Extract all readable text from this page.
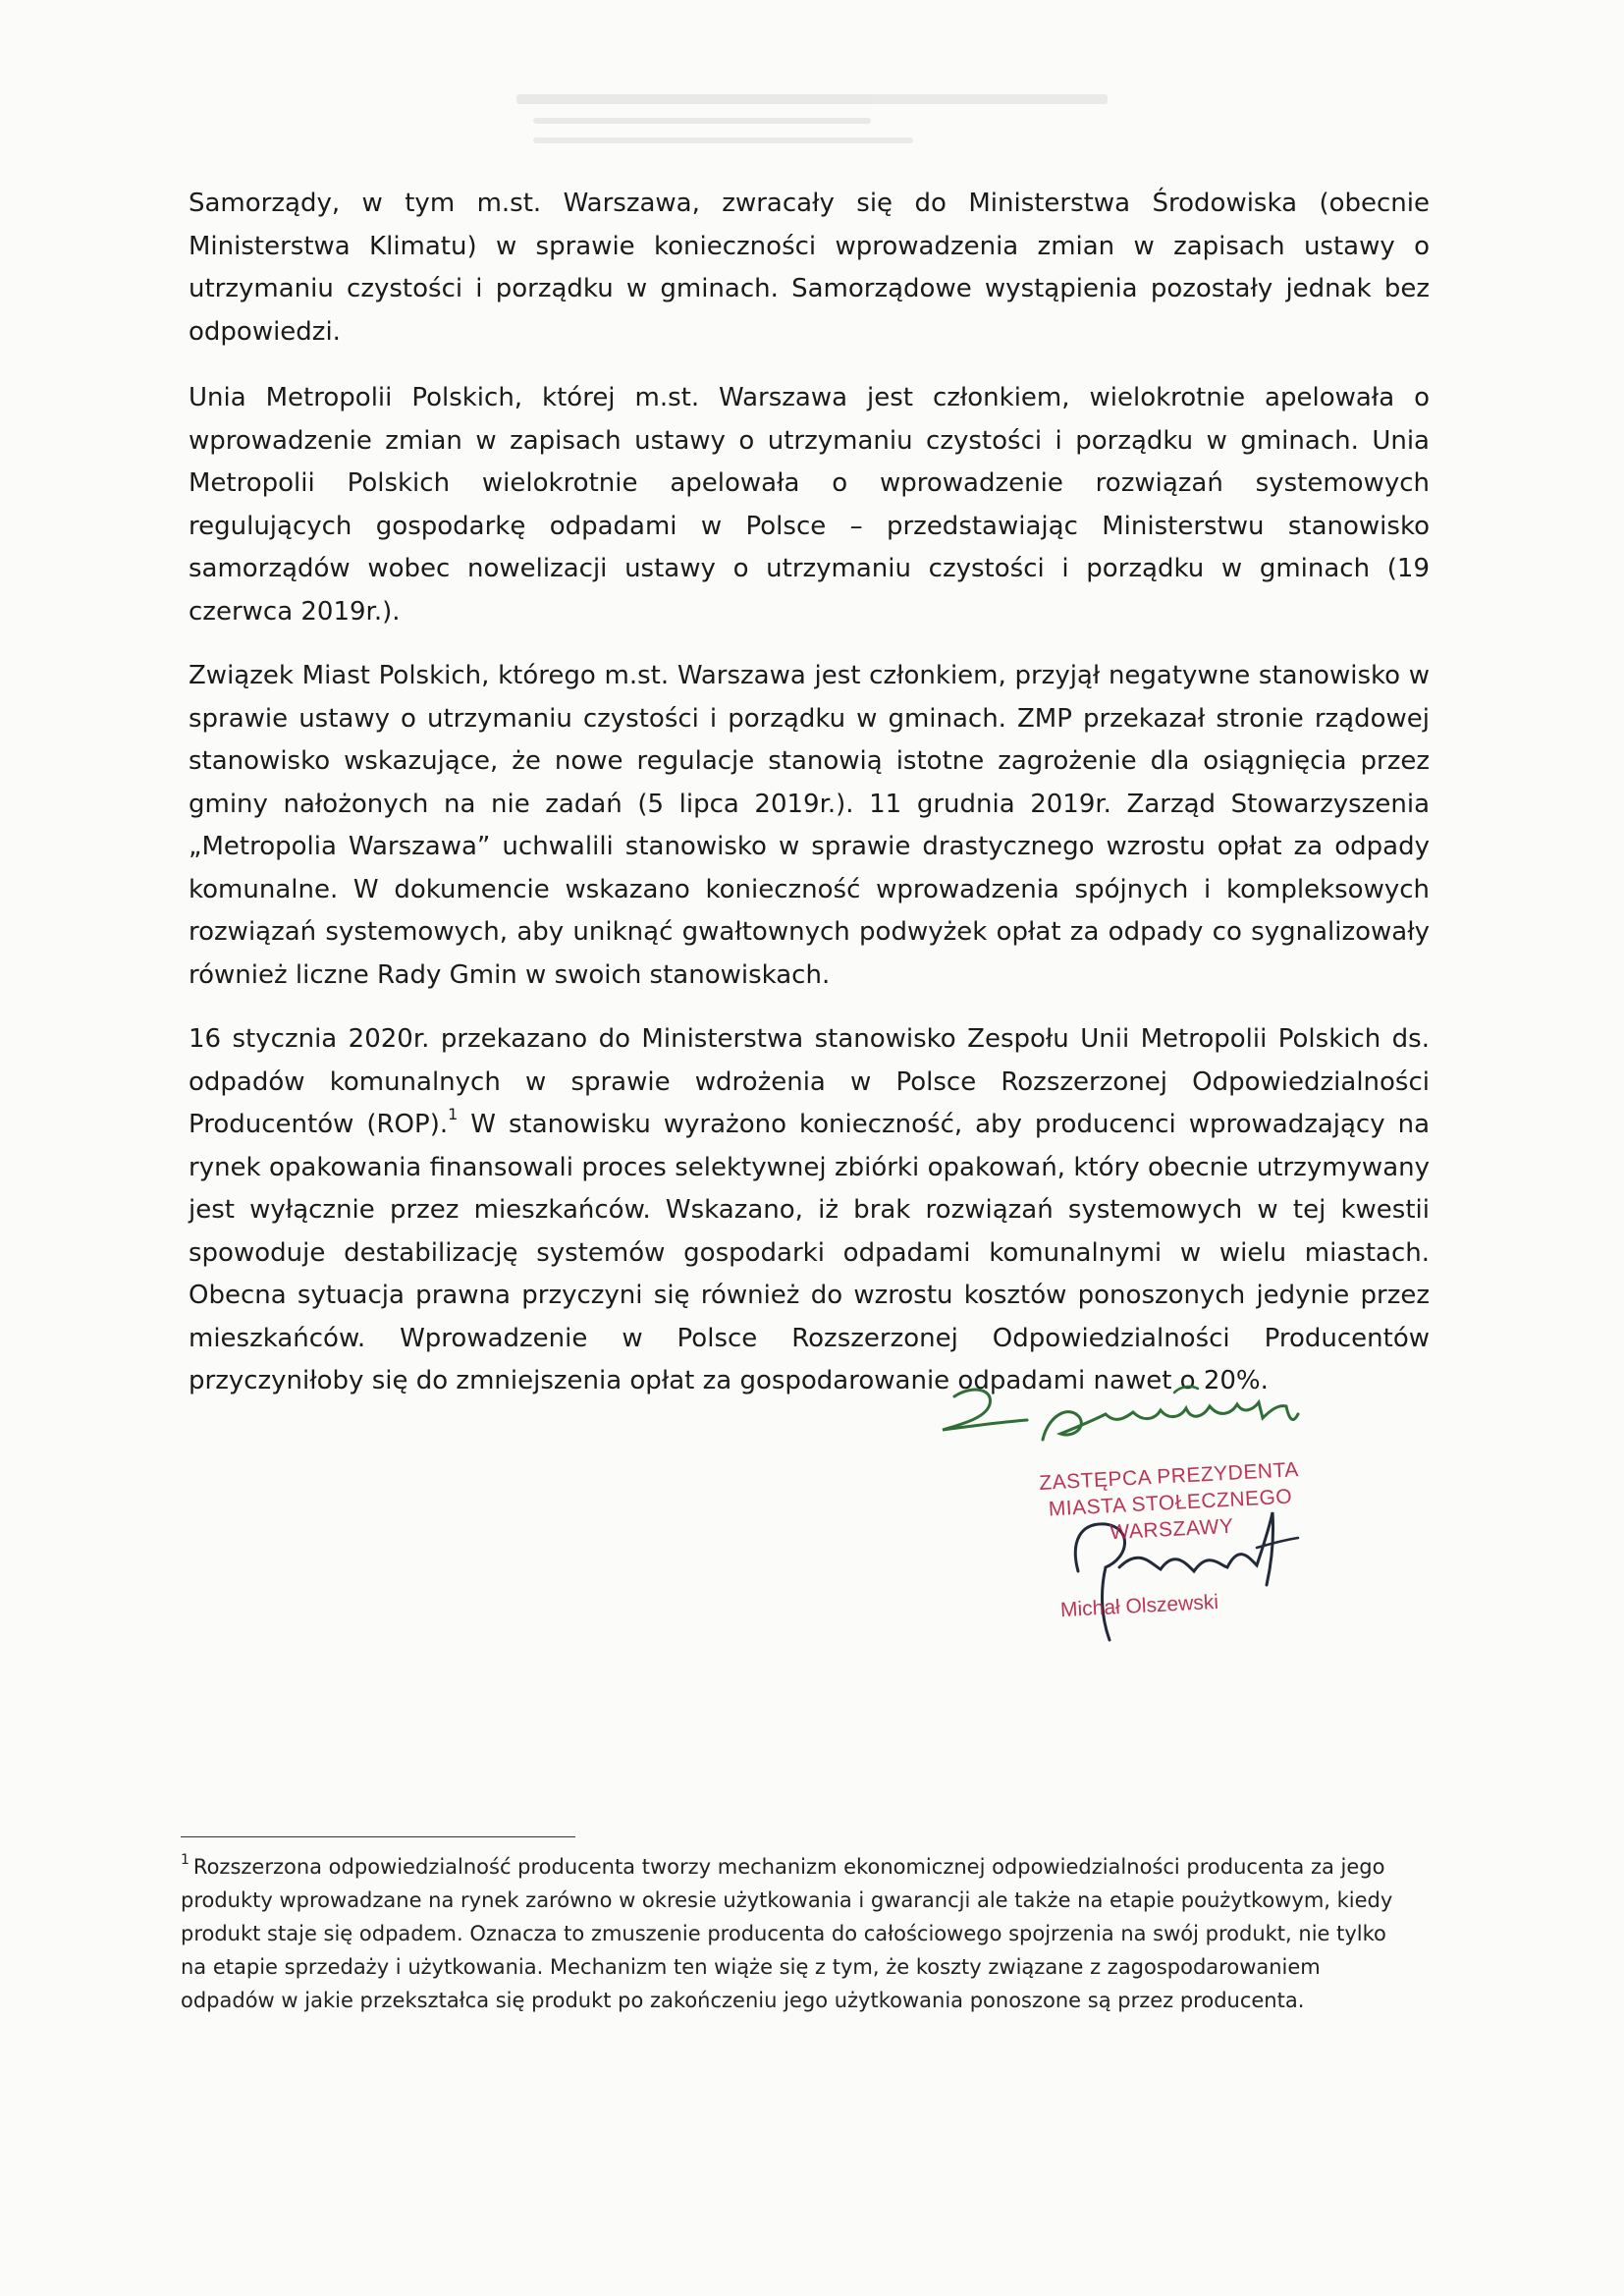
Samorządy, w tym m.st. Warszawa, zwracały się do Ministerstwa Środowiska (obecnie Ministerstwa Klimatu) w sprawie konieczności wprowadzenia zmian w zapisach ustawy o utrzymaniu czystości i porządku w gminach. Samorządowe wystąpienia pozostały jednak bez odpowiedzi.

Unia Metropolii Polskich, której m.st. Warszawa jest członkiem, wielokrotnie apelowała o wprowadzenie zmian w zapisach ustawy o utrzymaniu czystości i porządku w gminach. Unia Metropolii Polskich wielokrotnie apelowała o wprowadzenie rozwiązań systemowych regulujących gospodarkę odpadami w Polsce – przedstawiając Ministerstwu stanowisko samorządów wobec nowelizacji ustawy o utrzymaniu czystości i porządku w gminach (19 czerwca 2019r.).

Związek Miast Polskich, którego m.st. Warszawa jest członkiem, przyjął negatywne stanowisko w sprawie ustawy o utrzymaniu czystości i porządku w gminach. ZMP przekazał stronie rządowej stanowisko wskazujące, że nowe regulacje stanowią istotne zagrożenie dla osiągnięcia przez gminy nałożonych na nie zadań (5 lipca 2019r.). 11 grudnia 2019r. Zarząd Stowarzyszenia „Metropolia Warszawa” uchwalili stanowisko w sprawie drastycznego wzrostu opłat za odpady komunalne. W dokumencie wskazano konieczność wprowadzenia spójnych i kompleksowych rozwiązań systemowych, aby uniknąć gwałtownych podwyżek opłat za odpady co sygnalizowały również liczne Rady Gmin w swoich stanowiskach.

16 stycznia 2020r. przekazano do Ministerstwa stanowisko Zespołu Unii Metropolii Polskich ds. odpadów komunalnych w sprawie wdrożenia w Polsce Rozszerzonej Odpowiedzialności Producentów (ROP).$^1$ W stanowisku wyrażono konieczność, aby producenci wprowadzający na rynek opakowania finansowali proces selektywnej zbiórki opakowań, który obecnie utrzymywany jest wyłącznie przez mieszkańców. Wskazano, iż brak rozwiązań systemowych w tej kwestii spowoduje destabilizację systemów gospodarki odpadami komunalnymi w wielu miastach. Obecna sytuacja prawna przyczyni się również do wzrostu kosztów ponoszonych jedynie przez mieszkańców. Wprowadzenie w Polsce Rozszerzonej Odpowiedzialności Producentów przyczyniłoby się do zmniejszenia opłat za gospodarowanie odpadami nawet o 20%.

ZASTĘPCA PREZYDENTA
MIASTA STOŁECZNEGO WARSZAWY
Michał Olszewski
$^1$ Rozszerzona odpowiedzialność producenta tworzy mechanizm ekonomicznej odpowiedzialności producenta za jego produkty wprowadzane na rynek zarówno w okresie użytkowania i gwarancji ale także na etapie poużytkowym, kiedy produkt staje się odpadem. Oznacza to zmuszenie producenta do całościowego spojrzenia na swój produkt, nie tylko na etapie sprzedaży i użytkowania. Mechanizm ten wiąże się z tym, że koszty związane z zagospodarowaniem odpadów w jakie przekształca się produkt po zakończeniu jego użytkowania ponoszone są przez producenta.
